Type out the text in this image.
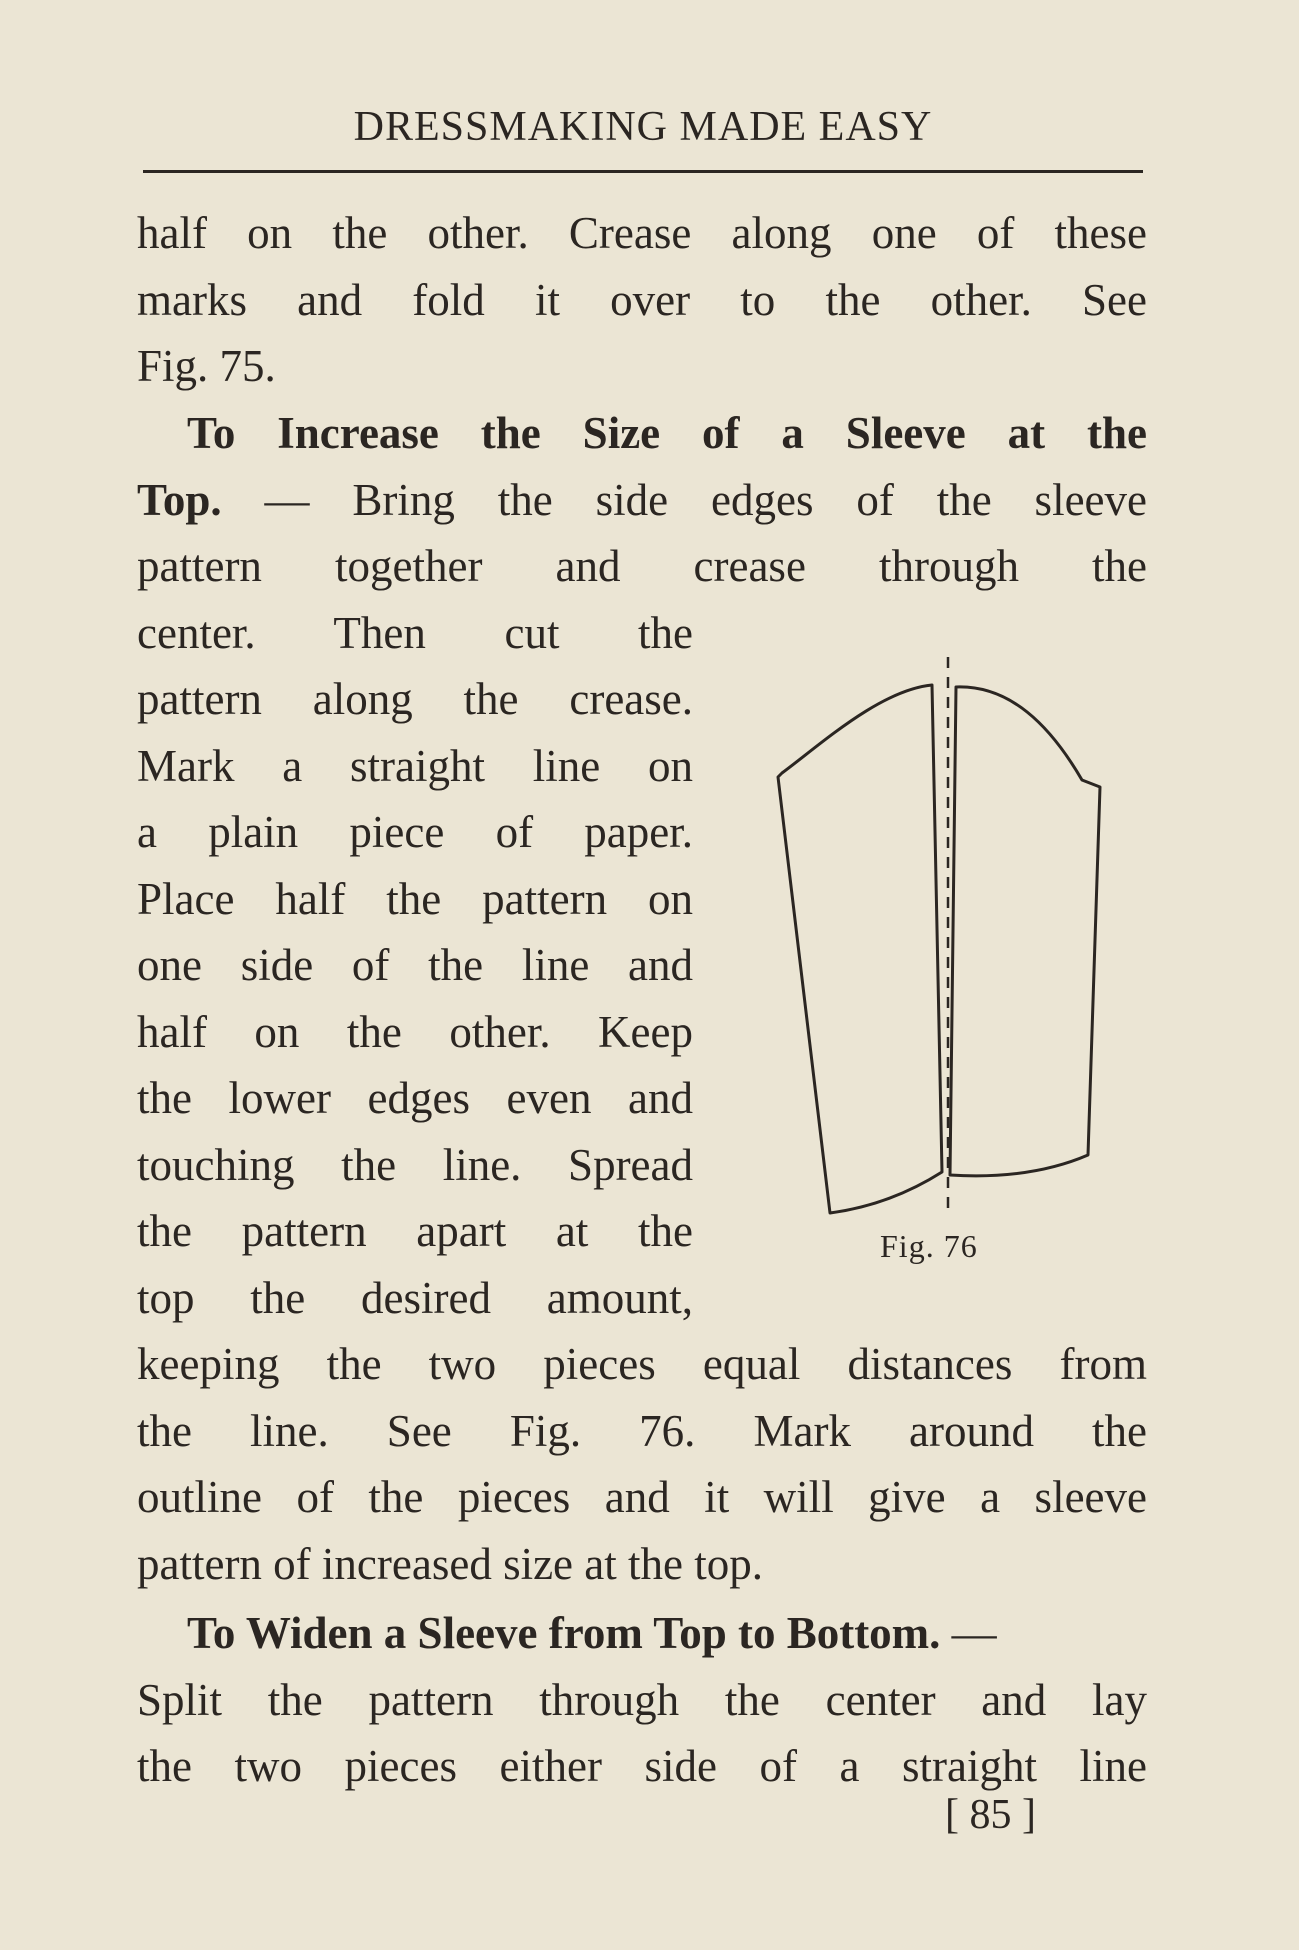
DRESSMAKING MADE EASY
half on the other. Crease along one of these
marks and fold it over to the other. See
Fig. 75.
To Increase the Size of a Sleeve at the
Top. — Bring the side edges of the sleeve
pattern together and crease through the
center. Then cut the
pattern along the crease.
Mark a straight line on
a plain piece of paper.
Place half the pattern on
one side of the line and
half on the other. Keep
the lower edges even and
touching the line. Spread
the pattern apart at the
top the desired amount,
keeping the two pieces equal distances from
the line. See Fig. 76. Mark around the
outline of the pieces and it will give a sleeve
pattern of increased size at the top.
Fig. 76
To Widen a Sleeve from Top to Bottom. —
Split the pattern through the center and lay
the two pieces either side of a straight line
[ 85 ]
